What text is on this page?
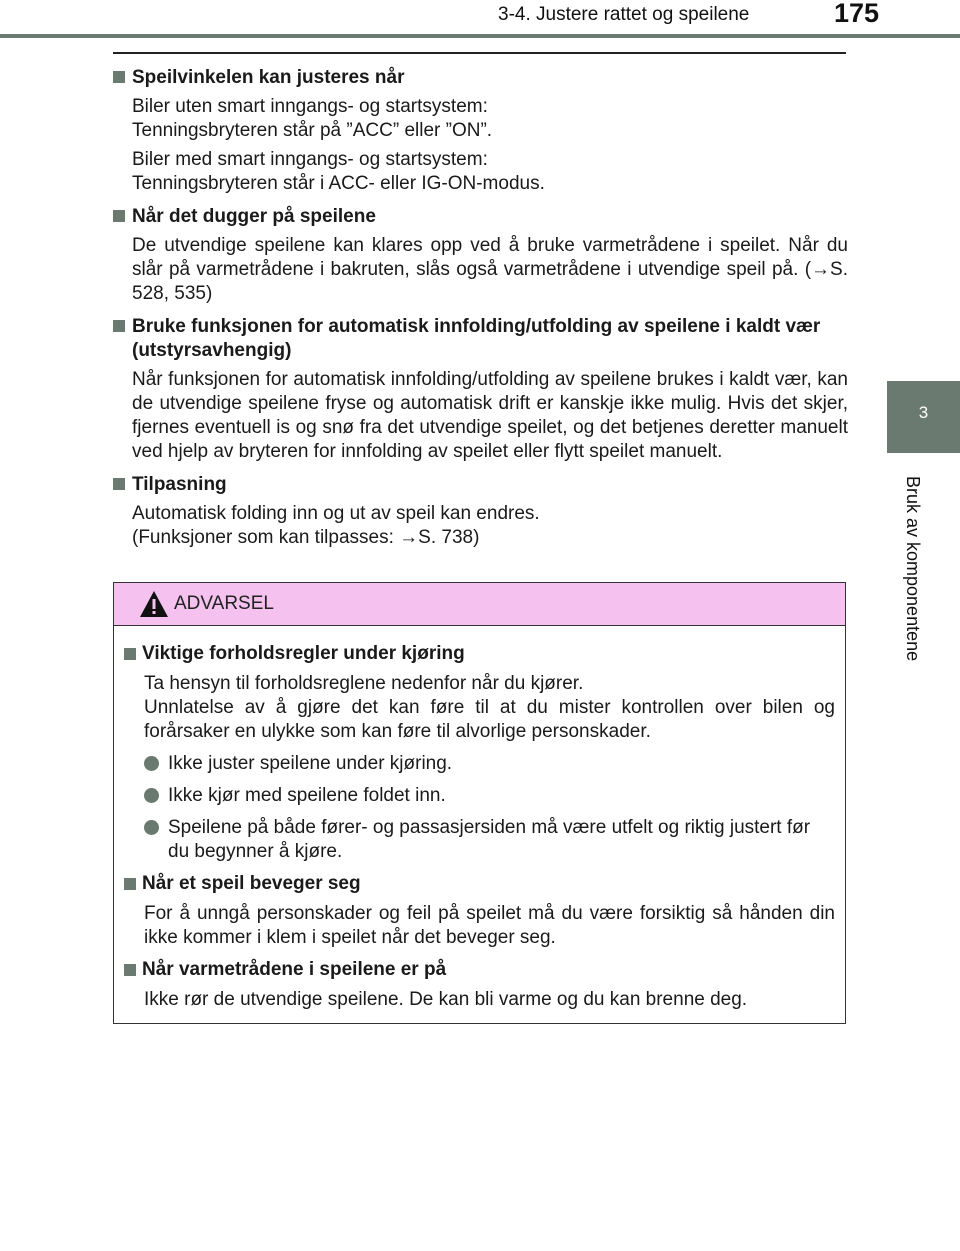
3-4. Justere rattet og speilene	175
3
Bruk av komponentene
Speilvinkelen kan justeres når
Biler uten smart inngangs- og startsystem:
Tenningsbryteren står på ”ACC” eller ”ON”.
Biler med smart inngangs- og startsystem:
Tenningsbryteren står i ACC- eller IG-ON-modus.
Når det dugger på speilene
De utvendige speilene kan klares opp ved å bruke varmetrådene i speilet. Når du slår på varmetrådene i bakruten, slås også varmetrådene i utvendige speil på. (→S. 528, 535)
Bruke funksjonen for automatisk innfolding/utfolding av speilene i kaldt vær (utstyrsavhengig)
Når funksjonen for automatisk innfolding/utfolding av speilene brukes i kaldt vær, kan de utvendige speilene fryse og automatisk drift er kanskje ikke mulig. Hvis det skjer, fjernes eventuell is og snø fra det utvendige speilet, og det betjenes deretter manuelt ved hjelp av bryteren for innfolding av speilet eller flytt speilet manuelt.
Tilpasning
Automatisk folding inn og ut av speil kan endres.
(Funksjoner som kan tilpasses: →S. 738)
ADVARSEL
Viktige forholdsregler under kjøring
Ta hensyn til forholdsreglene nedenfor når du kjører.
Unnlatelse av å gjøre det kan føre til at du mister kontrollen over bilen og forårsaker en ulykke som kan føre til alvorlige personskader.
Ikke juster speilene under kjøring.
Ikke kjør med speilene foldet inn.
Speilene på både fører- og passasjersiden må være utfelt og riktig justert før du begynner å kjøre.
Når et speil beveger seg
For å unngå personskader og feil på speilet må du være forsiktig så hånden din ikke kommer i klem i speilet når det beveger seg.
Når varmetrådene i speilene er på
Ikke rør de utvendige speilene. De kan bli varme og du kan brenne deg.
